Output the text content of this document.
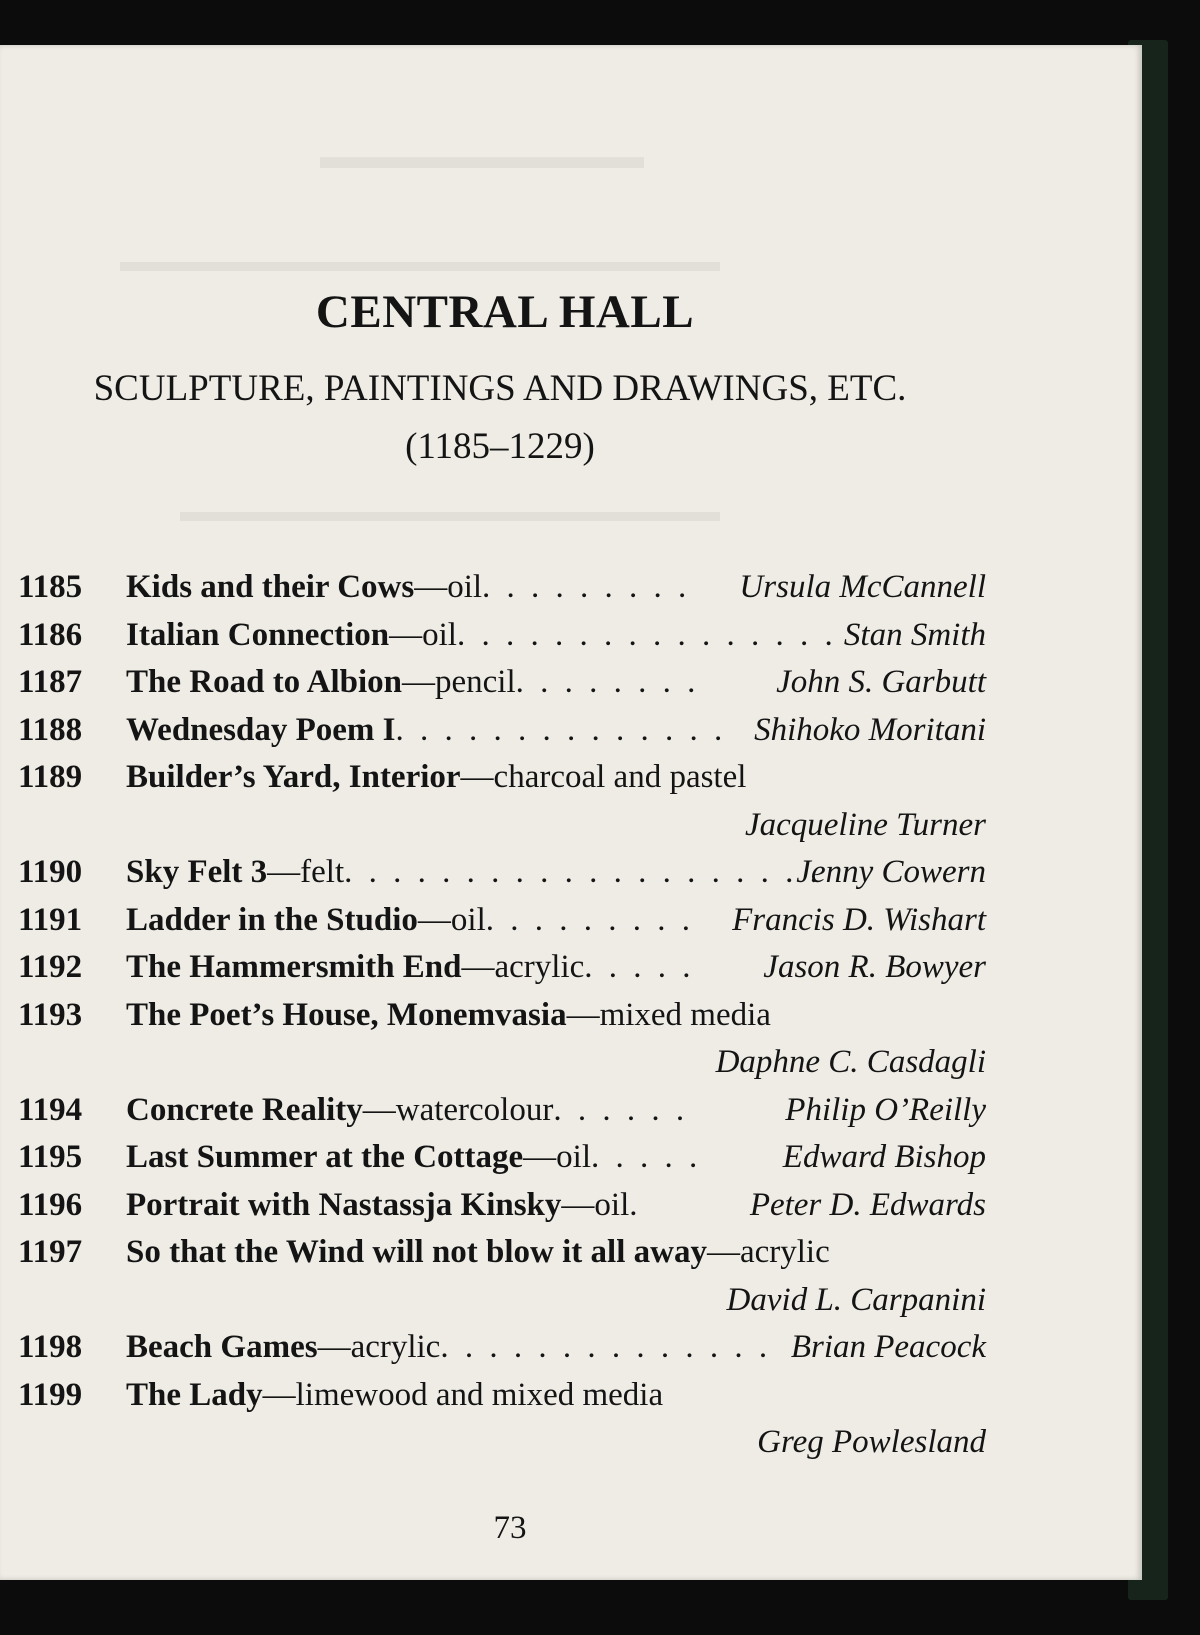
▬▬▬▬▬▬▬▬▬
▬▬▬▬▬▬▬▬▬▬▬▬▬▬▬▬▬▬▬▬
▬▬▬▬▬▬▬▬▬▬▬▬▬▬▬▬▬▬
CENTRAL HALL
SCULPTURE, PAINTINGS AND DRAWINGS, ETC.
(1185–1229)
1185 Kids and their Cows—oil. . . . . . . . . Ursula McCannell
1186 Italian Connection—oil. . . . . . . . . . . . . . . . Stan Smith
1187 The Road to Albion—pencil. . . . . . . . John S. Garbutt
1188 Wednesday Poem I. . . . . . . . . . . . . . Shihoko Moritani
1189 Builder’s Yard, Interior—charcoal and pastel
Jacqueline Turner
1190 Sky Felt 3—felt. . . . . . . . . . . . . . . . . . . .
Jenny Cowern
1191 Ladder in the Studio—oil. . . . . . . . . Francis D. Wishart
1192 The Hammersmith End—acrylic. . . . . Jason R. Bowyer
1193 The Poet’s House, Monemvasia—mixed media
Daphne C. Casdagli
1194 Concrete Reality—watercolour. . . . . .	Philip O’Reilly
1195 Last Summer at the Cottage—oil. . . . . Edward Bishop
1196 Portrait with Nastassja Kinsky—oil.	Peter D. Edwards
1197 So that the Wind will not blow it all away—acrylic
David L. Carpanini
1198 Beach Games—acrylic. . . . . . . . . . . . . . Brian Peacock
1199 The Lady—limewood and mixed media
Greg Powlesland
73
